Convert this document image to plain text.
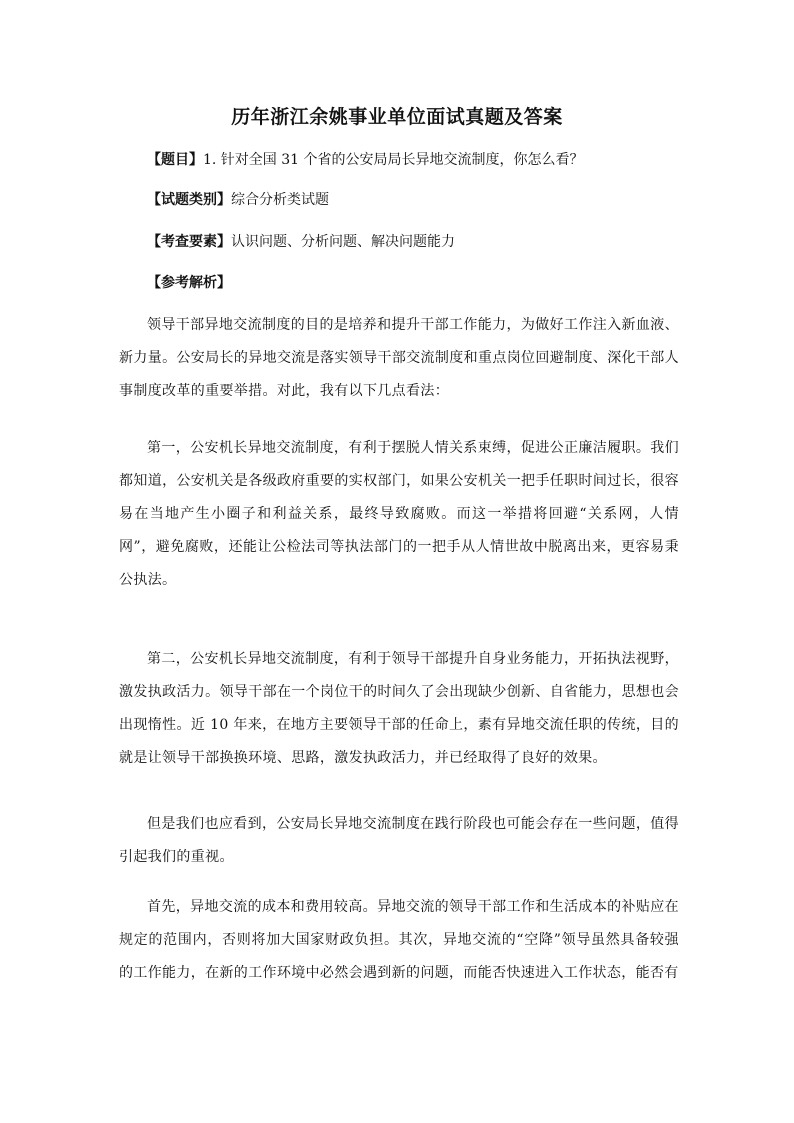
历年浙江余姚事业单位面试真题及答案
【题目】1. 针对全国 31 个省的公安局局长异地交流制度，你怎么看？
【试题类别】综合分析类试题
【考查要素】认识问题、分析问题、解决问题能力
【参考解析】

领导干部异地交流制度的目的是培养和提升干部工作能力，为做好工作注入新血液、新力量。公安局长的异地交流是落实领导干部交流制度和重点岗位回避制度、深化干部人事制度改革的重要举措。对此，我有以下几点看法：

第一，公安机长异地交流制度，有利于摆脱人情关系束缚，促进公正廉洁履职。我们都知道，公安机关是各级政府重要的实权部门，如果公安机关一把手任职时间过长，很容易在当地产生小圈子和利益关系，最终导致腐败。而这一举措将回避“关系网，人情网”，避免腐败，还能让公检法司等执法部门的一把手从人情世故中脱离出来，更容易秉公执法。

第二，公安机长异地交流制度，有利于领导干部提升自身业务能力，开拓执法视野，激发执政活力。领导干部在一个岗位干的时间久了会出现缺少创新、自省能力，思想也会出现惰性。近 10 年来，在地方主要领导干部的任命上，素有异地交流任职的传统，目的就是让领导干部换换环境、思路，激发执政活力，并已经取得了良好的效果。

但是我们也应看到，公安局长异地交流制度在践行阶段也可能会存在一些问题，值得引起我们的重视。

首先，异地交流的成本和费用较高。异地交流的领导干部工作和生活成本的补贴应在规定的范围内，否则将加大国家财政负担。其次，异地交流的“空降”领导虽然具备较强的工作能力，在新的工作环境中必然会遇到新的问题，而能否快速进入工作状态，能否有
